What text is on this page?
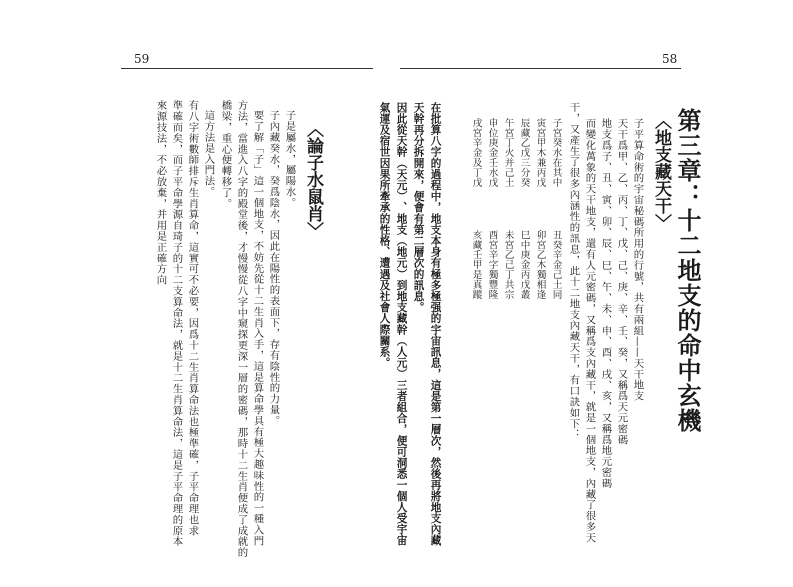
59
〈論子水鼠肖〉
子是屬水，屬陽水。
子內藏癸水，癸爲陰水，因此在陽性的表面下，存有陰性的力量。
要了解「子」這一個地支，不妨先從十二生肖入手，這是算命學具有極大趣味性的一種入門
方法，當進入八字的殿堂後，才慢慢從八字中窺探更深一層的密碼，那時十二生肖便成了成就的
橋梁，重心便轉移了。
這方法是入門法。
有八字術數師排斥生肖算命，這實可不必要，因爲十二生肖算命法也極準確，子平命理也求
準確而矣，而子平命學源自琦子的十二支算命法，就是十二生肖算命法，這是子平命理的原本
來源技法，不必放棄，并用是正確方向
58
第三章：十二地支的命中玄機
〈地支藏天干〉
子平算命術的宇宙秘碼所用的行號，共有兩組——天干地支
天干爲甲、乙、丙、丁、戊、己、庚、辛、壬、癸，又稱爲天元密碼
地支爲子、丑、寅、卯、辰、巳、午、未、申、酉、戌、亥，又稱爲地元密碼
而變化萬象的天干地支，還有人元密碼，又稱爲支內藏干，就是一個地支，內藏了很多天
干，又產生了很多內涵性的訊息，此十二地支內藏天干，有口訣如下：
子宮癸水在其中
寅宮甲木兼丙戊
辰藏乙戊三分癸
午宮丁火并己土
申位庚金壬水戊
戌宮辛金及丁戊
丑癸辛金己土同
卯宮乙木獨相逢
巳中庚金丙戊叢
未宮乙己丁共宗
酉宮辛字獨豐隆
亥藏壬甲是真蹤
在批算八字的過程中，地支本身有極多極强的宇宙訊息，這是第一層次，然後再將地支內藏
天幹再分拆開來，便會有第二層次的訊息。
因此從天幹（天元）、地支（地元）到地支藏幹（人元）三者組合，便可洞悉一個人受宇宙
氣運及宿世因果所牽承的性格、遭遇及社會人際關系。
